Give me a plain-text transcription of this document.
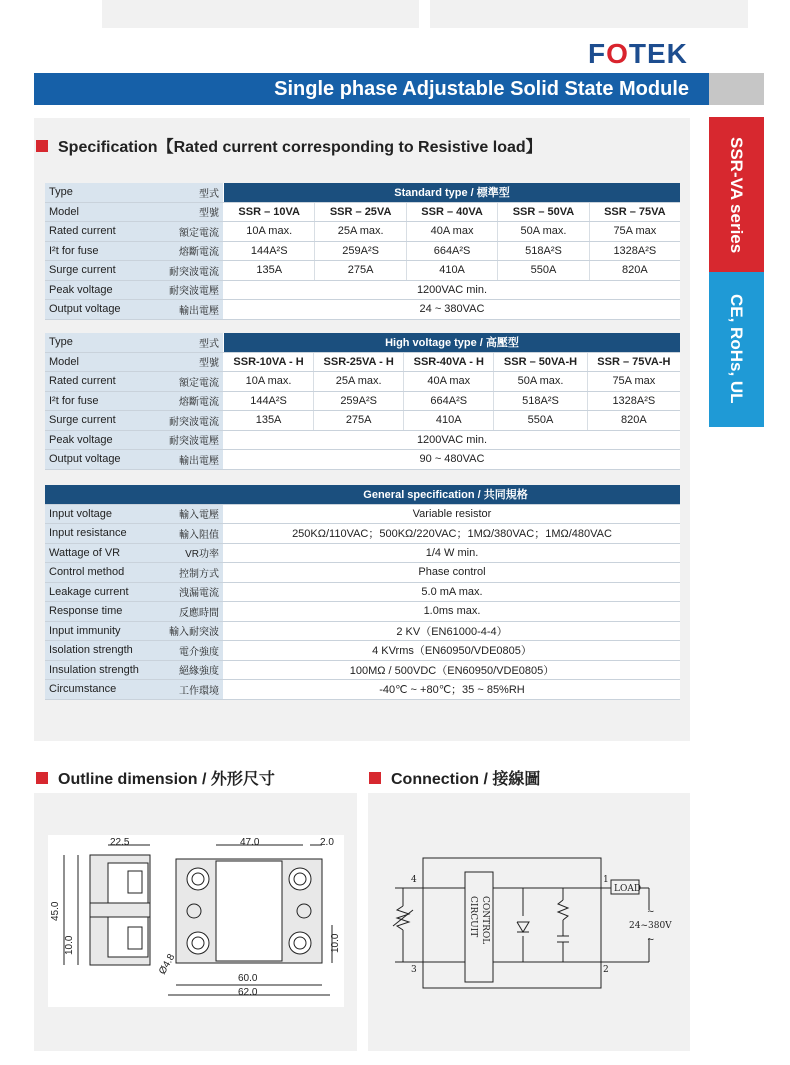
FOTEK
Single phase Adjustable Solid State Module
SSR-VA series
CE, RoHs, UL
Specification【Rated current corresponding to Resistive load】
Type	型式	Standard type / 標準型				
Model	型號	SSR – 10VA	SSR – 25VA	SSR – 40VA	SSR – 50VA	SSR – 75VA
Rated current	額定電流	10A max.	25A max.	40A max	50A max.	75A max
I²t for fuse	熔斷電流	144A²S	259A²S	664A²S	518A²S	1328A²S
Surge current	耐突波電流	135A	275A	410A	550A	820A
Peak voltage	耐突波電壓	1200VAC min.				
Output voltage	輸出電壓	24 ~ 380VAC				
Type	型式	High voltage type / 高壓型				
Model	型號	SSR-10VA - H	SSR-25VA - H	SSR-40VA - H	SSR – 50VA-H	SSR – 75VA-H
Rated current	額定電流	10A max.	25A max.	40A max	50A max.	75A max
I²t for fuse	熔斷電流	144A²S	259A²S	664A²S	518A²S	1328A²S
Surge current	耐突波電流	135A	275A	410A	550A	820A
Peak voltage	耐突波電壓	1200VAC min.				
Output voltage	輸出電壓	90 ~ 480VAC				
General specification / 共同規格		
Input voltage	輸入電壓	Variable resistor
Input resistance	輸入阻值	250KΩ/110VAC；500KΩ/220VAC；1MΩ/380VAC；1MΩ/480VAC
Wattage of VR	VR功率	1/4 W min.
Control method	控制方式	Phase control
Leakage current	洩漏電流	5.0 mA max.
Response time	反應時間	1.0ms max.
Input immunity	輸入耐突波	2 KV（EN61000-4-4）
Isolation strength	電介強度	4 KVrms（EN60950/VDE0805）
Insulation strength	絕緣強度	100MΩ / 500VDC（EN60950/VDE0805）
Circumstance	工作環境	-40℃ ~ +80℃；35 ~ 85%RH
Outline dimension / 外形尺寸	Connection / 接線圖
22.5
45.0
10.0
47.0	2.0
10.0
Ø4.8
60.0
62.0
CONTROL
CIRCUIT
1
2
3
4
LOAD
24~380V
~
~
